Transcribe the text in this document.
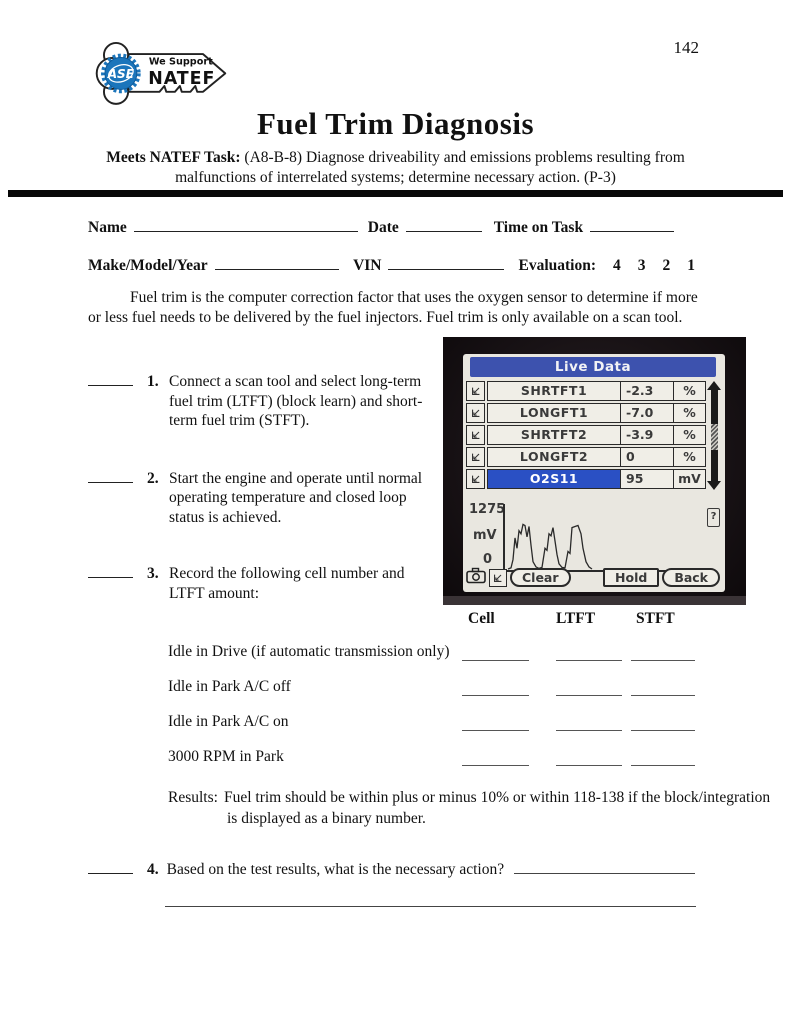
142
ASE
We Support
NATEF
Fuel Trim Diagnosis
Meets NATEF Task: (A8-B-8) Diagnose driveability and emissions problems resulting from
malfunctions of interrelated systems; determine necessary action. (P-3)
Name	Date	Time on Task
Make/Model/Year	VIN	Evaluation: 4 3 2 1
Fuel trim is the computer correction factor that uses the oxygen sensor to determine if more or less fuel needs to be delivered by the fuel injectors. Fuel trim is only available on a scan tool.
1. Connect a scan tool and select long-term fuel trim (LTFT) (block learn) and short-term fuel trim (STFT).
2. Start the engine and operate until normal operating temperature and closed loop status is achieved.
3. Record the following cell number and LTFT amount:
Live Data
SHRTFT1	-2.3	%
LONGFT1	-7.0	%
SHRTFT2	-3.9	%
LONGFT2	0	%
O2S11	95	mV
1275
mV
0
?
Clear	Hold	Back
Cell	LTFT	STFT
Idle in Drive (if automatic transmission only)
Idle in Park A/C off
Idle in Park A/C on
3000 RPM in Park
Results: Fuel trim should be within plus or minus 10% or within 118-138 if the block/integration is displayed as a binary number.
4. Based on the test results, what is the necessary action?
